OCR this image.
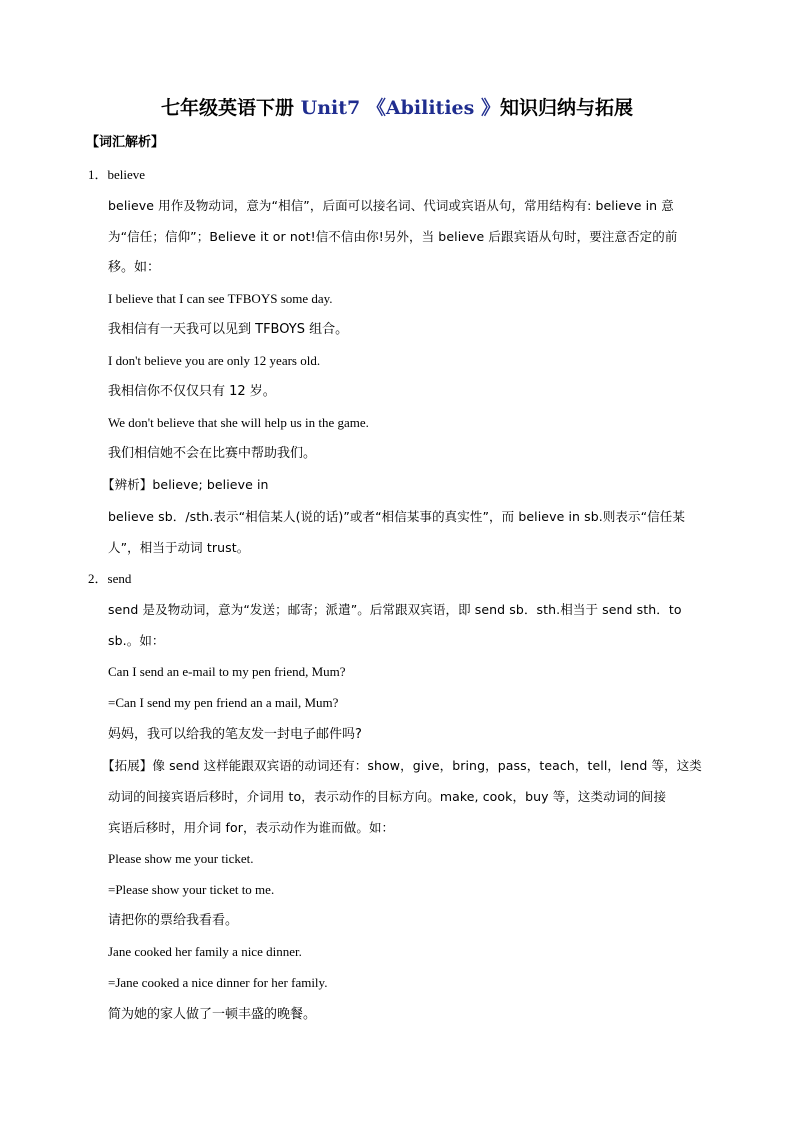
七年级英语下册 Unit7 《Abilities 》知识归纳与拓展
【词汇解析】
1．believe
believe 用作及物动词，意为“相信”，后面可以接名词、代词或宾语从句，常用结构有: believe in 意
为“信任；信仰”；Believe it or not!信不信由你!另外，当 believe 后跟宾语从句时，要注意否定的前
移。如：
I believe that I can see TFBOYS some day.
我相信有一天我可以见到 TFBOYS 组合。
I don't believe you are only 12 years old.
我相信你不仅仅只有 12 岁。
We don't believe that she will help us in the game.
我们相信她不会在比赛中帮助我们。
【辨析】believe; believe in
believe sb．/sth.表示“相信某人(说的话)”或者“相信某事的真实性”，而 believe in sb.则表示“信任某
人”，相当于动词 trust。
2．send
send 是及物动词，意为“发送；邮寄；派遣”。后常跟双宾语，即 send sb．sth.相当于 send sth．to
sb.。如：
Can I send an e-mail to my pen friend, Mum?
=Can I send my pen friend an a mail, Mum?
妈妈，我可以给我的笔友发一封电子邮件吗?
【拓展】像 send 这样能跟双宾语的动词还有：show，give，bring，pass，teach，tell，lend 等，这类
动词的间接宾语后移时，介词用 to，表示动作的目标方向。make, cook，buy 等，这类动词的间接
宾语后移时，用介词 for，表示动作为谁而做。如：
Please show me your ticket.
=Please show your ticket to me.
请把你的票给我看看。
Jane cooked her family a nice dinner.
=Jane cooked a nice dinner for her family.
简为她的家人做了一顿丰盛的晚餐。
